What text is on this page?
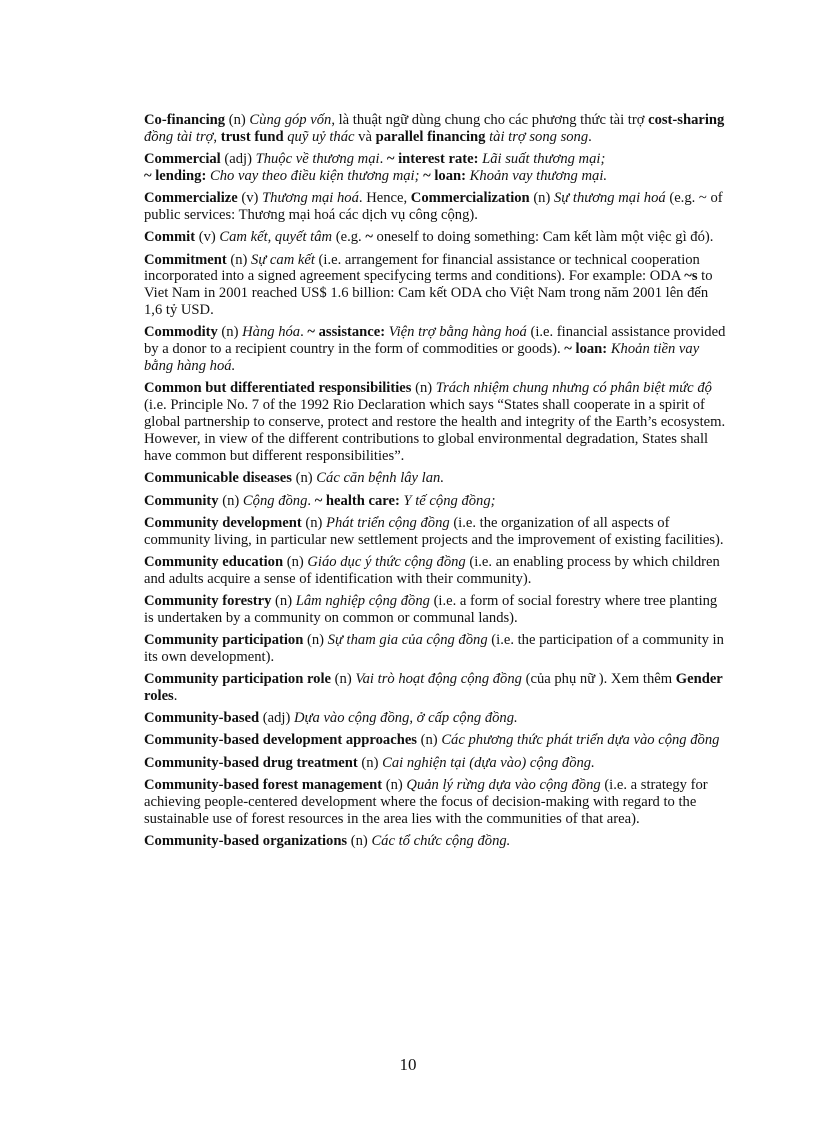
Co-financing (n) Cùng góp vốn, là thuật ngữ dùng chung cho các phương thức tài trợ cost-sharing đồng tài trợ, trust fund quỹ uỷ thác và parallel financing tài trợ song song.

Commercial (adj) Thuộc về thương mại. ~ interest rate: Lãi suất thương mại;
~ lending: Cho vay theo điều kiện thương mại; ~ loan: Khoản vay thương mại.

Commercialize (v) Thương mại hoá. Hence, Commercialization (n) Sự thương mại hoá (e.g. ~ of public services: Thương mại hoá các dịch vụ công cộng).

Commit (v) Cam kết, quyết tâm (e.g. ~ oneself to doing something: Cam kết làm một việc gì đó).

Commitment (n) Sự cam kết (i.e. arrangement for financial assistance or technical cooperation incorporated into a signed agreement specifycing terms and conditions). For example: ODA ~s to Viet Nam in 2001 reached US$ 1.6 billion: Cam kết ODA cho Việt Nam trong năm 2001 lên đến 1,6 tỷ USD.

Commodity (n) Hàng hóa. ~ assistance: Viện trợ bằng hàng hoá (i.e. financial assistance provided by a donor to a recipient country in the form of commodities or goods). ~ loan: Khoản tiền vay bằng hàng hoá.

Common but differentiated responsibilities (n) Trách nhiệm chung nhưng có phân biệt mức độ (i.e. Principle No. 7 of the 1992 Rio Declaration which says “States shall cooperate in a spirit of global partnership to conserve, protect and restore the health and integrity of the Earth’s ecosystem. However, in view of the different contributions to global environmental degradation, States shall have common but different responsibilities”.

Communicable diseases (n) Các căn bệnh lây lan.

Community (n) Cộng đồng. ~ health care: Y tế cộng đồng;

Community development (n) Phát triển cộng đồng (i.e. the organization of all aspects of community living, in particular new settlement projects and the improvement of existing facilities).

Community education (n) Giáo dục ý thức cộng đồng (i.e. an enabling process by which children and adults acquire a sense of identification with their community).

Community forestry (n) Lâm nghiệp cộng đồng (i.e. a form of social forestry where tree planting is undertaken by a community on common or communal lands).

Community participation (n) Sự tham gia của cộng đồng (i.e. the participation of a community in its own development).

Community participation role (n) Vai trò hoạt động cộng đồng (của phụ nữ ). Xem thêm Gender roles.

Community-based (adj) Dựa vào cộng đồng, ở cấp cộng đồng.

Community-based development approaches (n) Các phương thức phát triển dựa vào cộng đồng

Community-based drug treatment (n) Cai nghiện tại (dựa vào) cộng đồng.

Community-based forest management (n) Quản lý rừng dựa vào cộng đồng (i.e. a strategy for achieving people-centered development where the focus of decision-making with regard to the sustainable use of forest resources in the area lies with the communities of that area).

Community-based organizations (n) Các tổ chức cộng đồng.

10
